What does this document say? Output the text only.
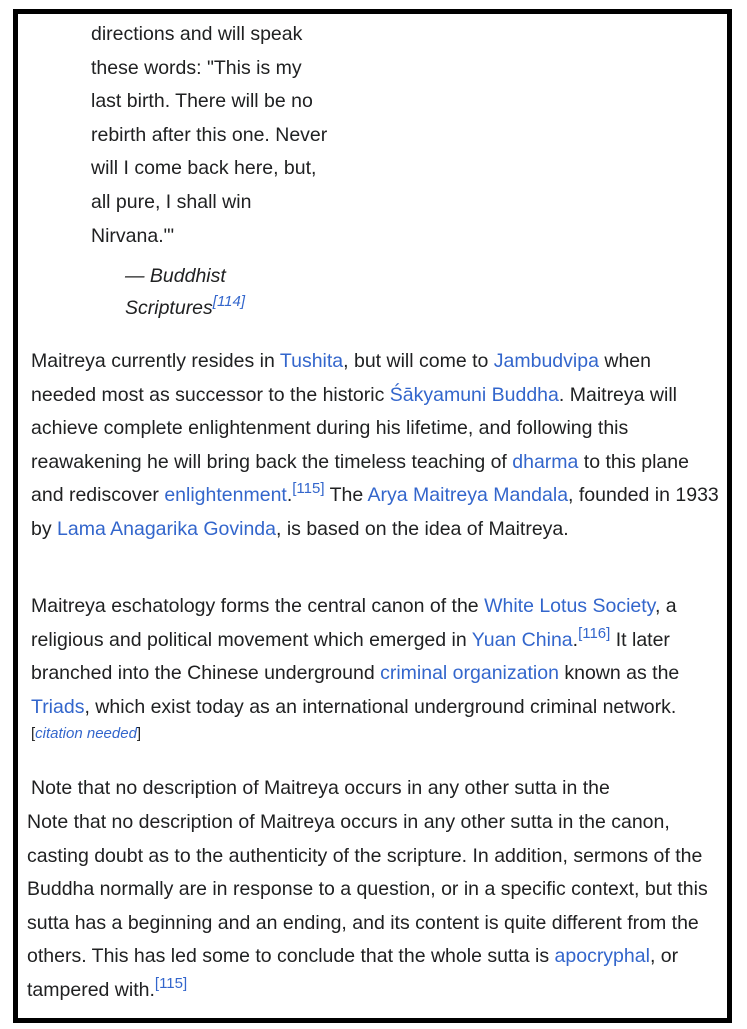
directions and will speak

these words: "This is my

last birth. There will be no

rebirth after this one. Never

will I come back here, but,

all pure, I shall win

Nirvana."'

— Buddhist
Scriptures[114]

Maitreya currently resides in Tushita, but will come to Jambudvipa when needed most as successor to the historic Śākyamuni Buddha. Maitreya will achieve complete enlightenment during his lifetime, and following this reawakening he will bring back the timeless teaching of dharma to this plane and rediscover enlightenment.[115] The Arya Maitreya Mandala, founded in 1933 by Lama Anagarika Govinda, is based on the idea of Maitreya.

Maitreya eschatology forms the central canon of the White Lotus Society, a religious and political movement which emerged in Yuan China.[116] It later branched into the Chinese underground criminal organization known as the Triads, which exist today as an international underground criminal network.[citation needed]

Note that no description of Maitreya occurs in any other sutta in the

Note that no description of Maitreya occurs in any other sutta in the canon, casting doubt as to the authenticity of the scripture. In addition, sermons of the Buddha normally are in response to a question, or in a specific context, but this sutta has a beginning and an ending, and its content is quite different from the others. This has led some to conclude that the whole sutta is apocryphal, or tampered with.[115]
